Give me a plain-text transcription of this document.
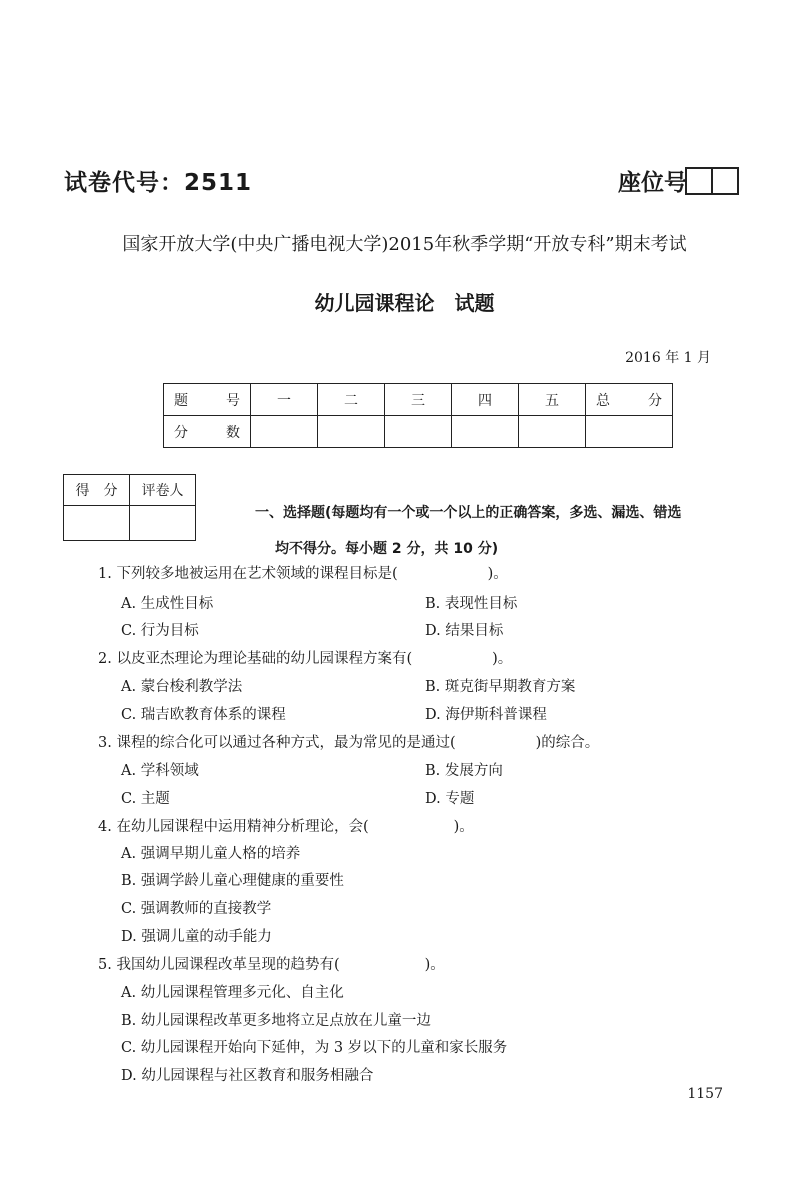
试卷代号：2511	座位号
国家开放大学(中央广播电视大学)2015年秋季学期“开放专科”期末考试
幼儿园课程论　试题
2016 年 1 月
题　号	一	二	三	四	五	总　分
分　数						
得　分	评卷人

一、选择题(每题均有一个或一个以上的正确答案，多选、漏选、错选
均不得分。每小题 2 分，共 10 分)
1. 下列较多地被运用在艺术领域的课程目标是(	)。
A. 生成性目标	B. 表现性目标
C. 行为目标	D. 结果目标
2. 以皮亚杰理论为理论基础的幼儿园课程方案有(	)。
A. 蒙台梭利教学法	B. 斑克街早期教育方案
C. 瑞吉欧教育体系的课程	D. 海伊斯科普课程
3. 课程的综合化可以通过各种方式，最为常见的是通过(	)的综合。
A. 学科领域	B. 发展方向
C. 主题	D. 专题
4. 在幼儿园课程中运用精神分析理论，会(	)。
A. 强调早期儿童人格的培养
B. 强调学龄儿童心理健康的重要性
C. 强调教师的直接教学
D. 强调儿童的动手能力
5. 我国幼儿园课程改革呈现的趋势有(	)。
A. 幼儿园课程管理多元化、自主化
B. 幼儿园课程改革更多地将立足点放在儿童一边
C. 幼儿园课程开始向下延伸，为 3 岁以下的儿童和家长服务
D. 幼儿园课程与社区教育和服务相融合
1157
